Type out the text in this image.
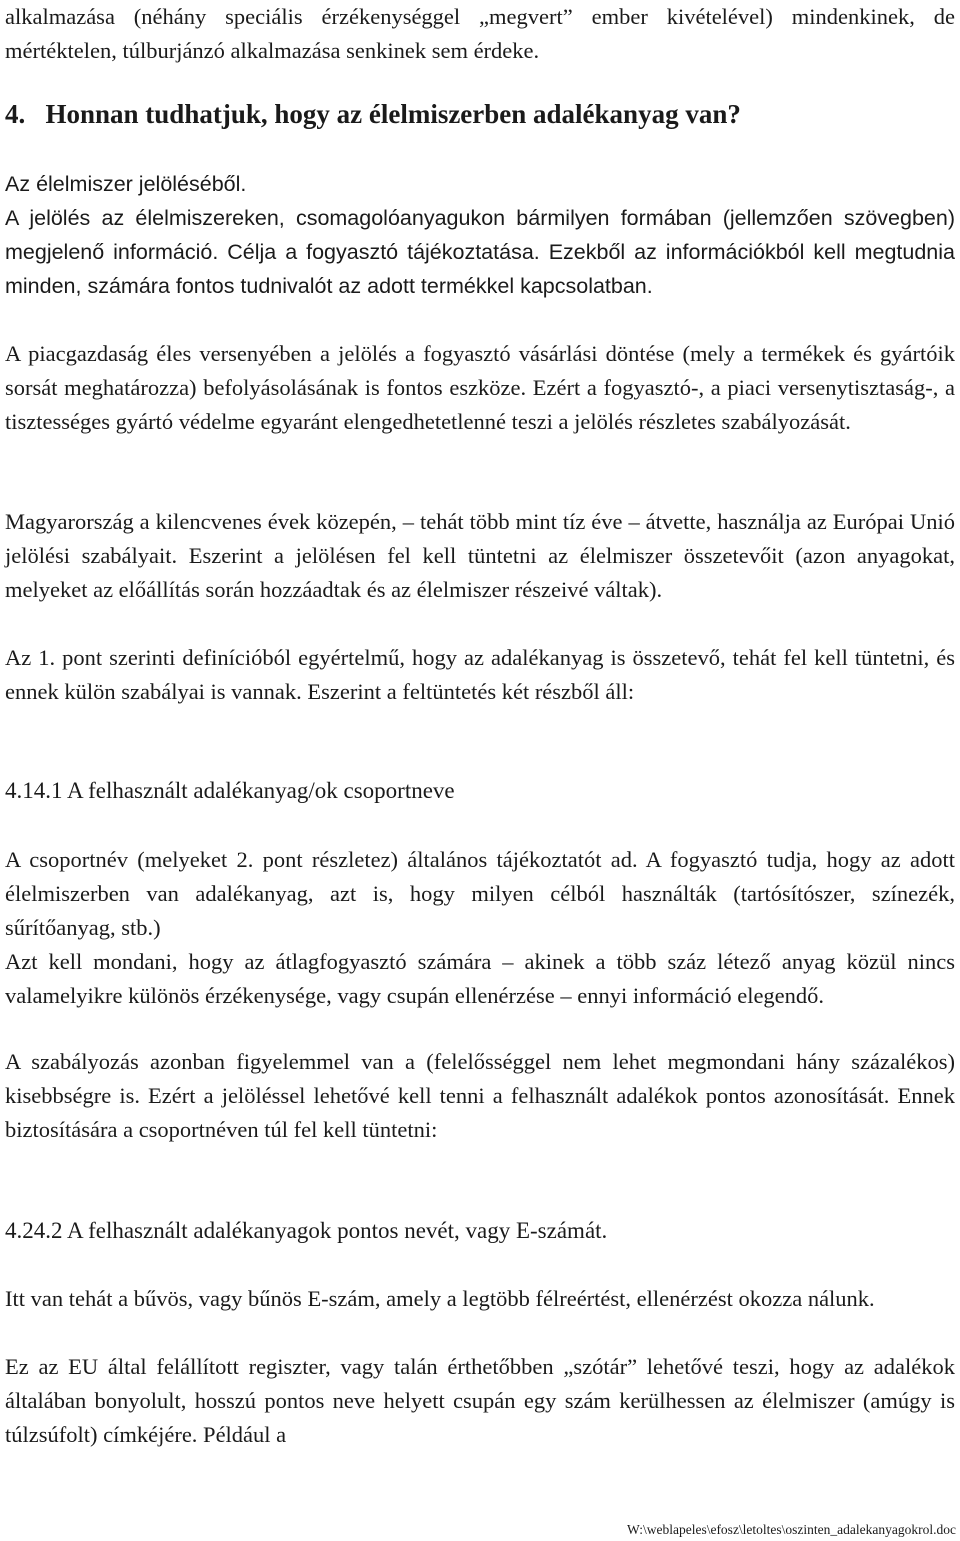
alkalmazása (néhány speciális érzékenységgel „megvert” ember kivételével) mindenkinek, de mértéktelen, túlburjánzó alkalmazása senkinek sem érdeke.

4.   Honnan tudhatjuk, hogy az élelmiszerben adalékanyag van?

Az élelmiszer jelöléséből.

A jelölés az élelmiszereken, csomagolóanyagukon bármilyen formában (jellemzően szövegben) megjelenő információ. Célja a fogyasztó tájékoztatása. Ezekből az információkból kell megtudnia minden, számára fontos tudnivalót az adott termékkel kapcsolatban.

A piacgazdaság éles versenyében a jelölés a fogyasztó vásárlási döntése (mely a termékek és gyártóik sorsát meghatározza) befolyásolásának is fontos eszköze. Ezért a fogyasztó-, a piaci versenytisztaság-, a tisztességes gyártó védelme egyaránt elengedhetetlenné teszi a jelölés részletes szabályozását.

Magyarország a kilencvenes évek közepén, – tehát több mint tíz éve – átvette, használja az Európai Unió jelölési szabályait. Eszerint a jelölésen fel kell tüntetni az élelmiszer összetevőit (azon anyagokat, melyeket az előállítás során hozzáadtak és az élelmiszer részeivé váltak).

Az 1. pont szerinti definícióból egyértelmű, hogy az adalékanyag is összetevő, tehát fel kell tüntetni, és ennek külön szabályai is vannak. Eszerint a feltüntetés két részből áll:

4.14.1 A felhasznált adalékanyag/ok csoportneve

A csoportnév (melyeket 2. pont részletez) általános tájékoztatót ad. A fogyasztó tudja, hogy az adott élelmiszerben van adalékanyag, azt is, hogy milyen célból használták (tartósítószer, színezék, sűrítőanyag, stb.)

Azt kell mondani, hogy az átlagfogyasztó számára – akinek a több száz létező anyag közül nincs valamelyikre különös érzékenysége, vagy csupán ellenérzése – ennyi információ elegendő.

A szabályozás azonban figyelemmel van a (felelősséggel nem lehet megmondani hány százalékos) kisebbségre is. Ezért a jelöléssel lehetővé kell tenni a felhasznált adalékok pontos azonosítását. Ennek biztosítására a csoportnéven túl fel kell tüntetni:

4.24.2 A felhasznált adalékanyagok pontos nevét, vagy E-számát.

Itt van tehát a bűvös, vagy bűnös E-szám, amely a legtöbb félreértést, ellenérzést okozza nálunk.

Ez az EU által felállított regiszter, vagy talán érthetőbben „szótár” lehetővé teszi, hogy az adalékok általában bonyolult, hosszú pontos neve helyett csupán egy szám kerülhessen az élelmiszer (amúgy is túlzsúfolt) címkéjére. Például a

W:\weblapeles\efosz\letoltes\oszinten_adalekanyagokrol.doc
